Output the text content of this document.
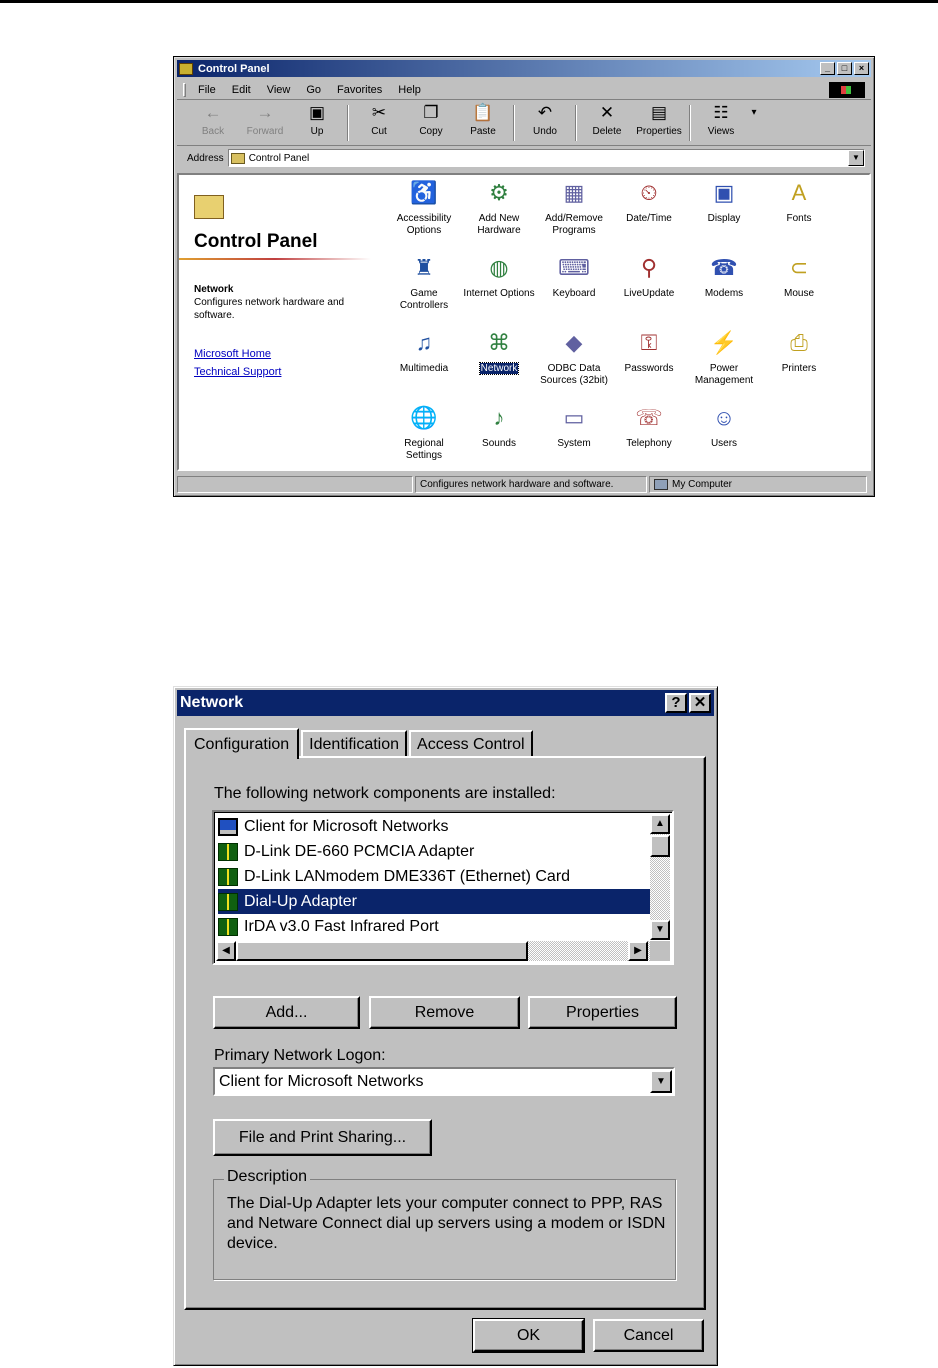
Control Panel	_	□	×
File Edit View Go Favorites Help
←
Back
→
Forward
▣
Up
✂
Cut
❐
Copy
📋
Paste
↶
Undo
✕
Delete
▤
Properties
☷
Views
▾
Address	Control Panel	▼
Control Panel
Network
Configures network hardware and software.
Microsoft Home
Technical Support
♿
Accessibility Options
⚙
Add New Hardware
▦
Add/Remove Programs
⏲
Date/Time
▣
Display
A
Fonts
♜
Game Controllers
◍
Internet Options
⌨
Keyboard
⚲
LiveUpdate
☎
Modems
⊂
Mouse
♫
Multimedia
⌘
Network
◆
ODBC Data Sources (32bit)
⚿
Passwords
⚡
Power Management
⎙
Printers
🌐
Regional Settings
♪
Sounds
▭
System
☏
Telephony
☺
Users
Configures network hardware and software.	My Computer
Network	? ✕
Configuration	Identification	Access Control
The following network components are installed:
Client for Microsoft Networks
D-Link DE-660 PCMCIA Adapter
D-Link LANmodem DME336T (Ethernet) Card
Dial-Up Adapter
IrDA v3.0 Fast Infrared Port
▲
▼
◀	▶
Add...	Remove	Properties
Primary Network Logon:
Client for Microsoft Networks	▼
File and Print Sharing...
Description
The Dial-Up Adapter lets your computer connect to PPP, RAS and Netware Connect dial up servers using a modem or ISDN device.
OK	Cancel
